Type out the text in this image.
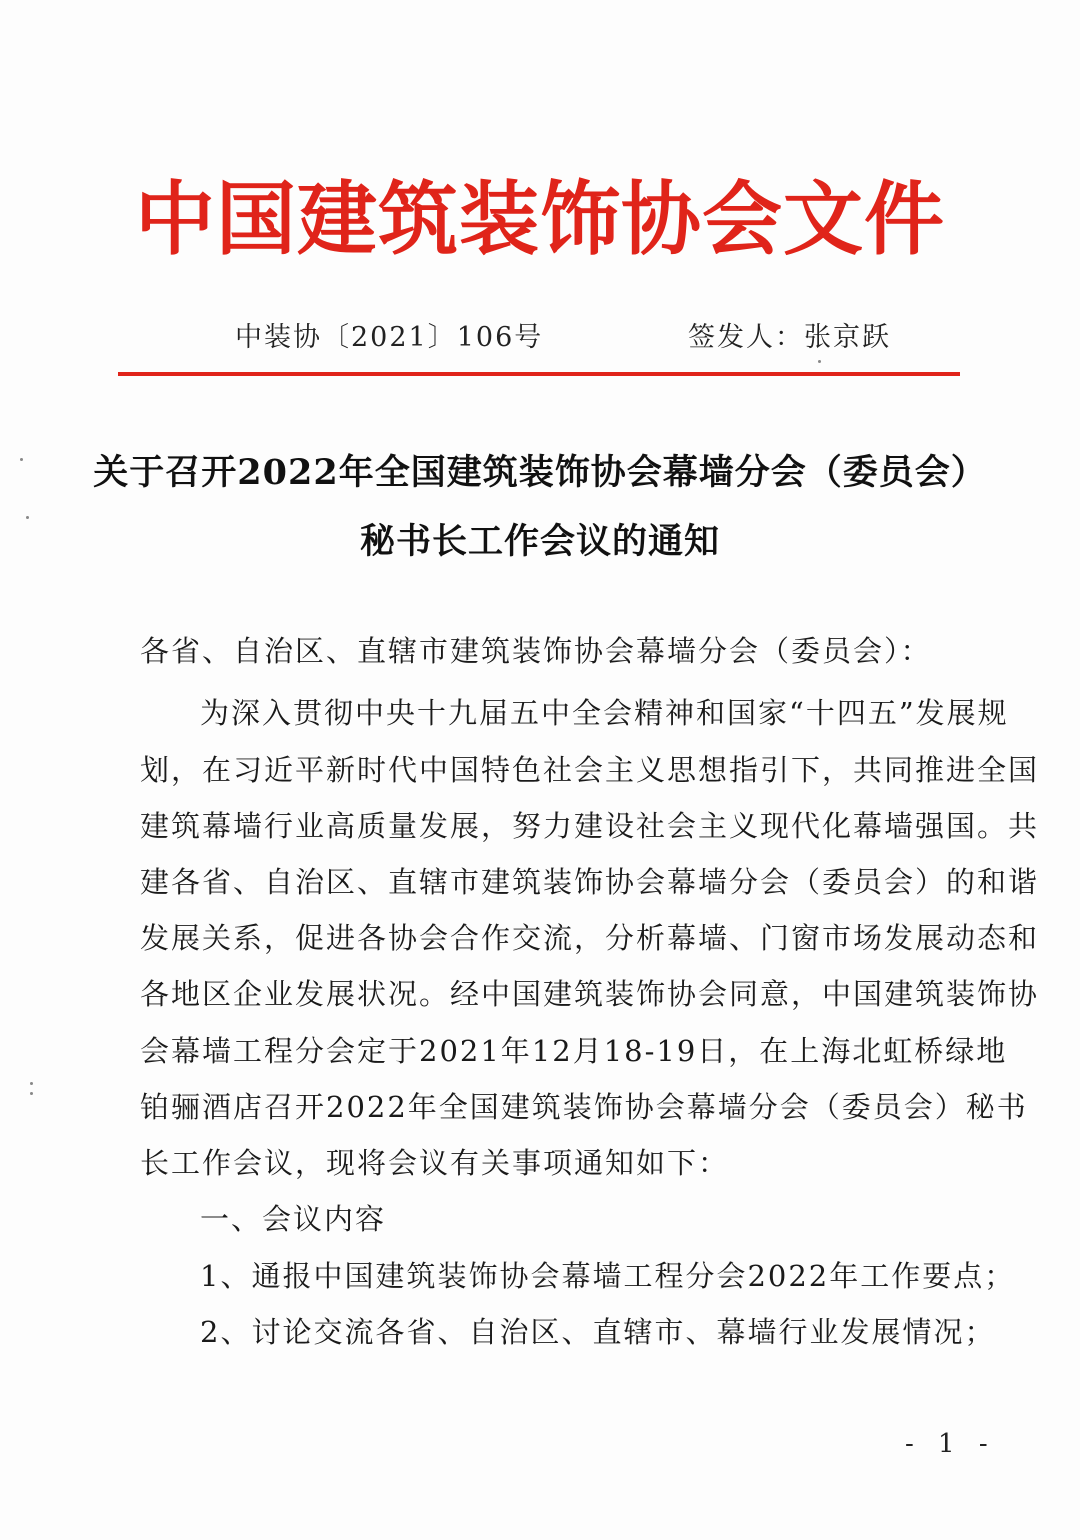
中国建筑装饰协会文件
中装协〔2021〕106号	签发人：张京跃
关于召开2022年全国建筑装饰协会幕墙分会（委员会）
秘书长工作会议的通知
各省、自治区、直辖市建筑装饰协会幕墙分会（委员会）：
为深入贯彻中央十九届五中全会精神和国家“十四五”发展规
划，在习近平新时代中国特色社会主义思想指引下，共同推进全国
建筑幕墙行业高质量发展，努力建设社会主义现代化幕墙强国。共
建各省、自治区、直辖市建筑装饰协会幕墙分会（委员会）的和谐
发展关系，促进各协会合作交流，分析幕墙、门窗市场发展动态和
各地区企业发展状况。经中国建筑装饰协会同意，中国建筑装饰协
会幕墙工程分会定于2021年12月18-19日，在上海北虹桥绿地
铂骊酒店召开2022年全国建筑装饰协会幕墙分会（委员会）秘书
长工作会议，现将会议有关事项通知如下：
一、会议内容
1、通报中国建筑装饰协会幕墙工程分会2022年工作要点；
2、讨论交流各省、自治区、直辖市、幕墙行业发展情况；
- 1 -
